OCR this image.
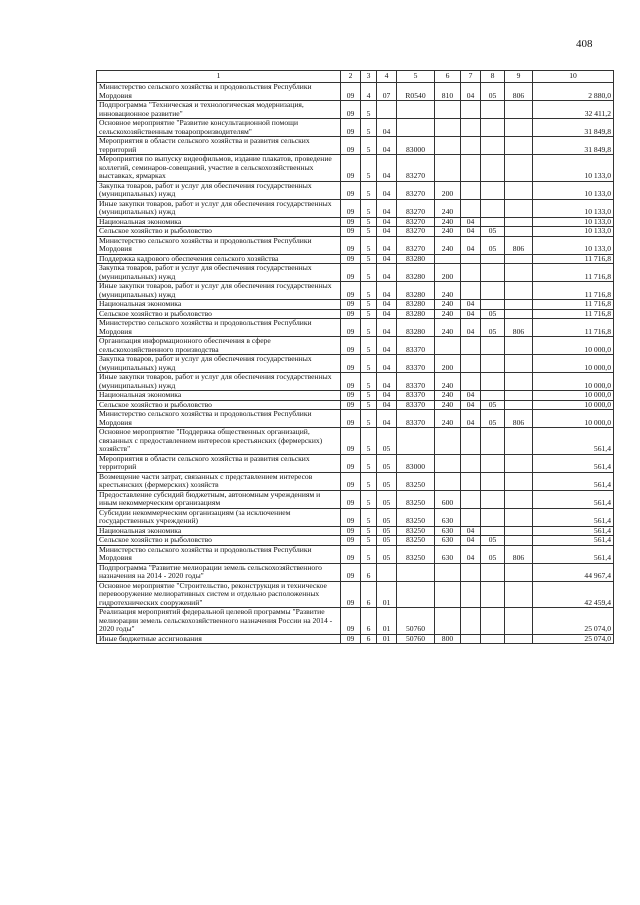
408
1	2	3	4	5	6	7	8	9	10
Министерство сельского хозяйства и продовольствия Республики Мордовия	09	4	07	R0540	810	04	05	806	2 880,0
Подпрограмма "Техническая и технологическая модернизация, инновационное развитие"	09	5							32 411,2
Основное мероприятие "Развитие консультационной помощи сельскохозяйственным товаропроизводителям"	09	5	04						31 849,8
Мероприятия в области сельского хозяйства и развития сельских территорий	09	5	04	83000					31 849,8
Мероприятия по выпуску видеофильмов, издание плакатов, проведение коллегий, семинаров-совещаний, участие в сельскохозяйственных выставках, ярмарках	09	5	04	83270					10 133,0
Закупка товаров, работ и услуг для обеспечения государственных (муниципальных) нужд	09	5	04	83270	200				10 133,0
Иные закупки товаров, работ и услуг для обеспечения государственных (муниципальных) нужд	09	5	04	83270	240				10 133,0
Национальная экономика	09	5	04	83270	240	04			10 133,0
Сельское хозяйство и рыболовство	09	5	04	83270	240	04	05		10 133,0
Министерство сельского хозяйства и продовольствия Республики Мордовия	09	5	04	83270	240	04	05	806	10 133,0
Поддержка кадрового обеспечения сельского хозяйства	09	5	04	83280					11 716,8
Закупка товаров, работ и услуг для обеспечения государственных (муниципальных) нужд	09	5	04	83280	200				11 716,8
Иные закупки товаров, работ и услуг для обеспечения государственных (муниципальных) нужд	09	5	04	83280	240				11 716,8
Национальная экономика	09	5	04	83280	240	04			11 716,8
Сельское хозяйство и рыболовство	09	5	04	83280	240	04	05		11 716,8
Министерство сельского хозяйства и продовольствия Республики Мордовия	09	5	04	83280	240	04	05	806	11 716,8
Организация информационного обеспечения в сфере сельскохозяйственного производства	09	5	04	83370					10 000,0
Закупка товаров, работ и услуг для обеспечения государственных (муниципальных) нужд	09	5	04	83370	200				10 000,0
Иные закупки товаров, работ и услуг для обеспечения государственных (муниципальных) нужд	09	5	04	83370	240				10 000,0
Национальная экономика	09	5	04	83370	240	04			10 000,0
Сельское хозяйство и рыболовство	09	5	04	83370	240	04	05		10 000,0
Министерство сельского хозяйства и продовольствия Республики Мордовия	09	5	04	83370	240	04	05	806	10 000,0
Основное мероприятие "Поддержка общественных организаций, связанных с предоставлением интересов крестьянских (фермерских) хозяйств"	09	5	05						561,4
Мероприятия в области сельского хозяйства и развития сельских территорий	09	5	05	83000					561,4
Возмещение части затрат, связанных с представлением интересов крестьянских (фермерских) хозяйств	09	5	05	83250					561,4
Предоставление субсидий бюджетным, автономным учреждениям и иным некоммерческим организациям	09	5	05	83250	600				561,4
Субсидии некоммерческим организациям (за исключением государственных учреждений)	09	5	05	83250	630				561,4
Национальная экономика	09	5	05	83250	630	04			561,4
Сельское хозяйство и рыболовство	09	5	05	83250	630	04	05		561,4
Министерство сельского хозяйства и продовольствия Республики Мордовия	09	5	05	83250	630	04	05	806	561,4
Подпрограмма "Развитие мелиорации земель сельскохозяйственного назначения на 2014 - 2020 годы"	09	6							44 967,4
Основное мероприятие "Строительство, реконструкция и техническое перевооружение мелиоративных систем и отдельно расположенных гидротехнических сооружений"	09	6	01						42 459,4
Реализация мероприятий федеральной целевой программы "Развитие мелиорации земель сельскохозяйственного назначения России на 2014 - 2020 годы"	09	6	01	50760					25 074,0
Иные бюджетные ассигнования	09	6	01	50760	800				25 074,0
